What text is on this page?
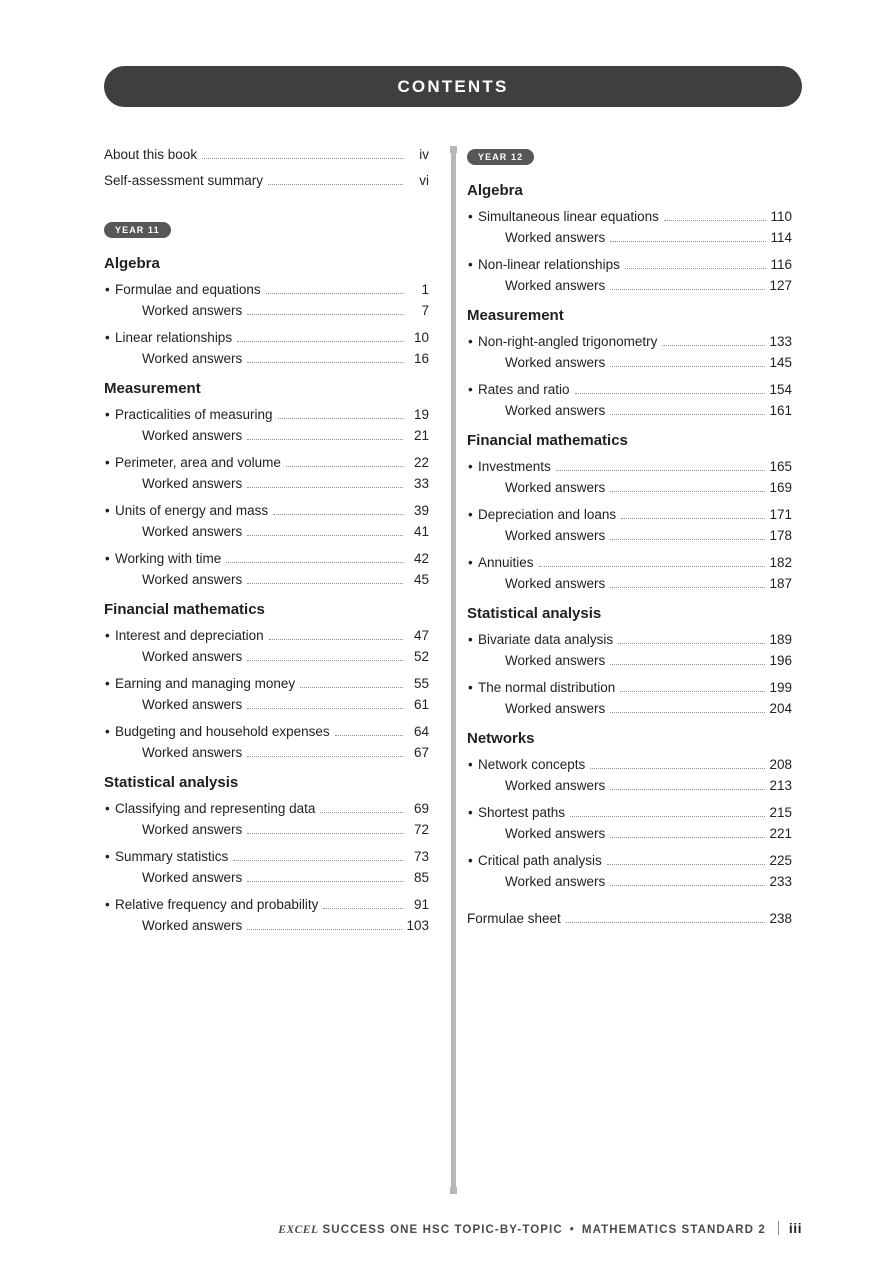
CONTENTS
About this book	iv
Self-assessment summary	vi
YEAR 11
Algebra
• Formulae and equations	1
Worked answers	7
• Linear relationships	10
Worked answers	16
Measurement
• Practicalities of measuring	19
Worked answers	21
• Perimeter, area and volume	22
Worked answers	33
• Units of energy and mass	39
Worked answers	41
• Working with time	42
Worked answers	45
Financial mathematics
• Interest and depreciation	47
Worked answers	52
• Earning and managing money	55
Worked answers	61
• Budgeting and household expenses	64
Worked answers	67
Statistical analysis
• Classifying and representing data	69
Worked answers	72
• Summary statistics	73
Worked answers	85
• Relative frequency and probability	91
Worked answers	103
YEAR 12
Algebra
• Simultaneous linear equations	110
Worked answers	114
• Non-linear relationships	116
Worked answers	127
Measurement
• Non-right-angled trigonometry	133
Worked answers	145
• Rates and ratio	154
Worked answers	161
Financial mathematics
• Investments	165
Worked answers	169
• Depreciation and loans	171
Worked answers	178
• Annuities	182
Worked answers	187
Statistical analysis
• Bivariate data analysis	189
Worked answers	196
• The normal distribution	199
Worked answers	204
Networks
• Network concepts	208
Worked answers	213
• Shortest paths	215
Worked answers	221
• Critical path analysis	225
Worked answers	233
Formulae sheet	238
EXCEL SUCCESS ONE HSC TOPIC-BY-TOPIC • MATHEMATICS STANDARD 2 iii
